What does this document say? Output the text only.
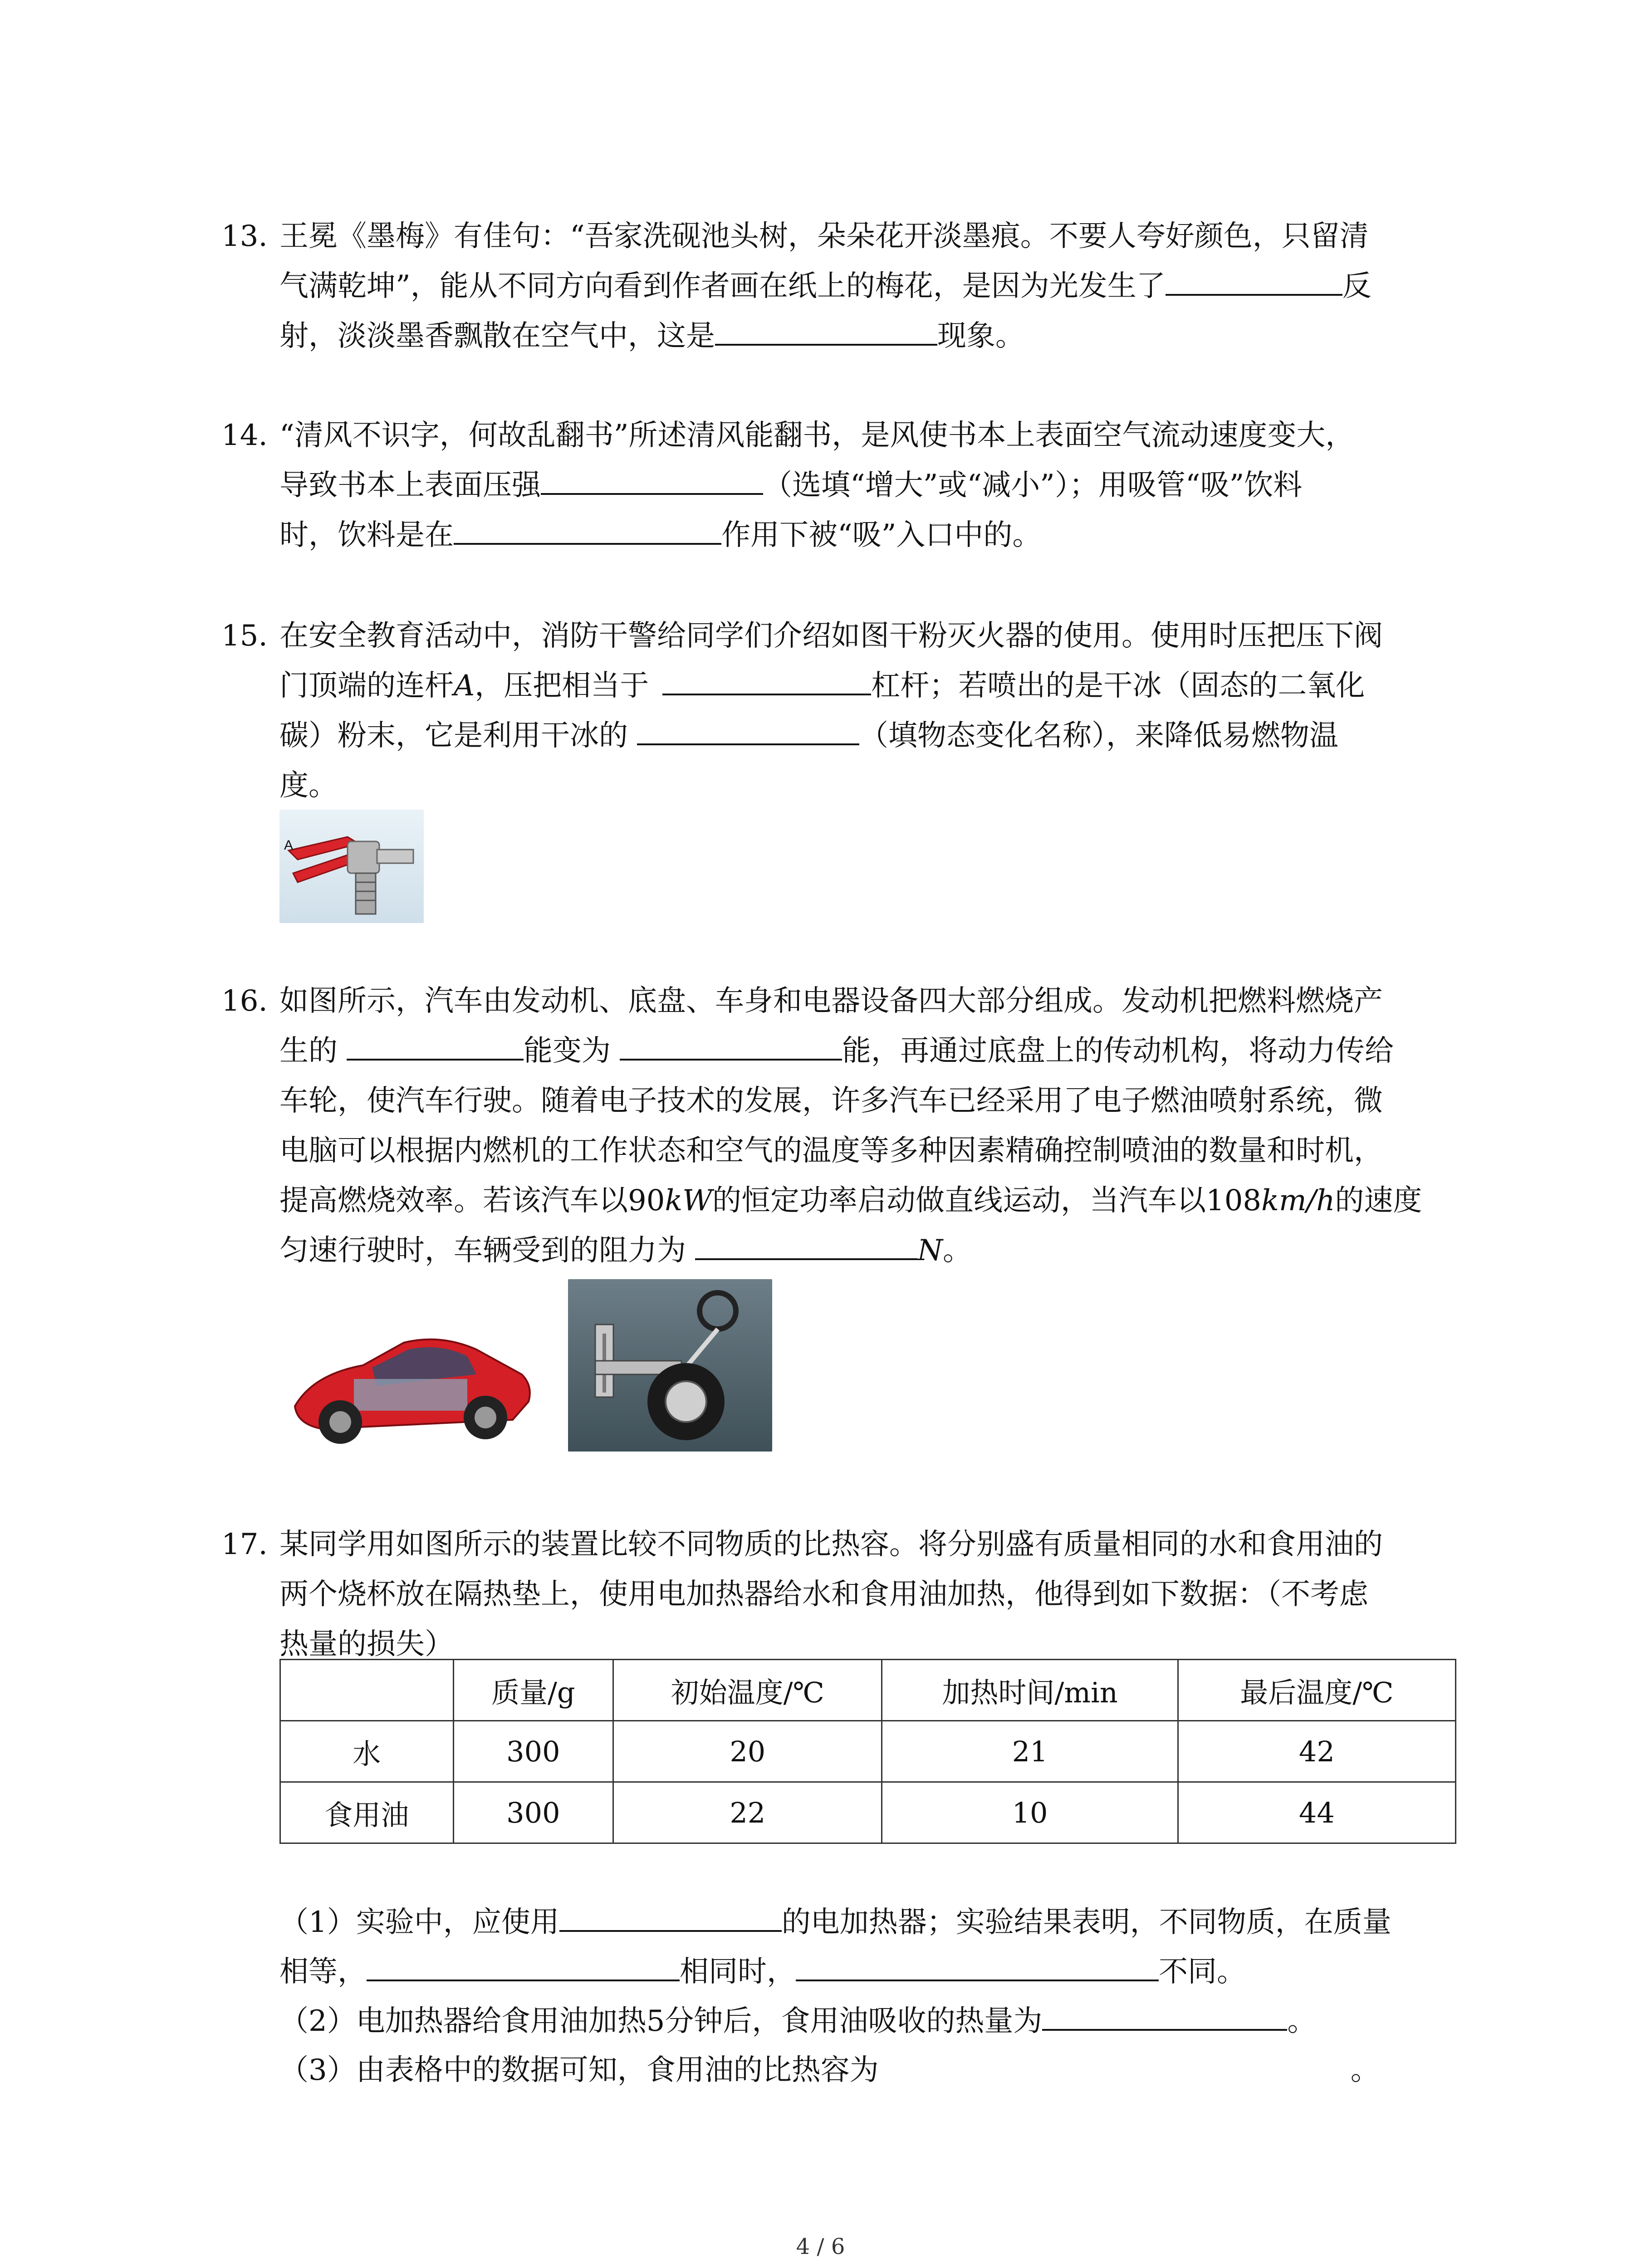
13. 王冕《墨梅》有佳句：“吾家洗砚池头树，朵朵花开淡墨痕。不要人夸好颜色，只留清
气满乾坤”，能从不同方向看到作者画在纸上的梅花，是因为光发生了	反
射，淡淡墨香飘散在空气中，这是	现象。
14. “清风不识字，何故乱翻书”所述清风能翻书，是风使书本上表面空气流动速度变大，
导致书本上表面压强	（选填“增大”或“减小”）；用吸管“吸”饮料
时，饮料是在	作用下被“吸”入口中的。
15. 在安全教育活动中，消防干警给同学们介绍如图干粉灭火器的使用。使用时压把压下阀
门顶端的连杆A，压把相当于	杠杆；若喷出的是干冰（固态的二氧化
碳）粉末，它是利用干冰的	（填物态变化名称），来降低易燃物温
度。
A
16. 如图所示，汽车由发动机、底盘、车身和电器设备四大部分组成。发动机把燃料燃烧产
生的	能变为	能，再通过底盘上的传动机构，将动力传给
车轮，使汽车行驶。随着电子技术的发展，许多汽车已经采用了电子燃油喷射系统，微
电脑可以根据内燃机的工作状态和空气的温度等多种因素精确控制喷油的数量和时机，
提高燃烧效率。若该汽车以90kW的恒定功率启动做直线运动，当汽车以108km/h的速度
匀速行驶时，车辆受到的阻力为	N。
17. 某同学用如图所示的装置比较不同物质的比热容。将分别盛有质量相同的水和食用油的
两个烧杯放在隔热垫上，使用电加热器给水和食用油加热，他得到如下数据：（不考虑
热量的损失）
	质量/g	初始温度/℃	加热时间/min	最后温度/℃
水	300	20	21	42
食用油	300	22	10	44
（1）实验中，应使用	的电加热器；实验结果表明，不同物质，在质量
相等，	相同时，	不同。
（2）电加热器给食用油加热5分钟后，食用油吸收的热量为	。
（3）由表格中的数据可知，食用油的比热容为	。
4 / 6
